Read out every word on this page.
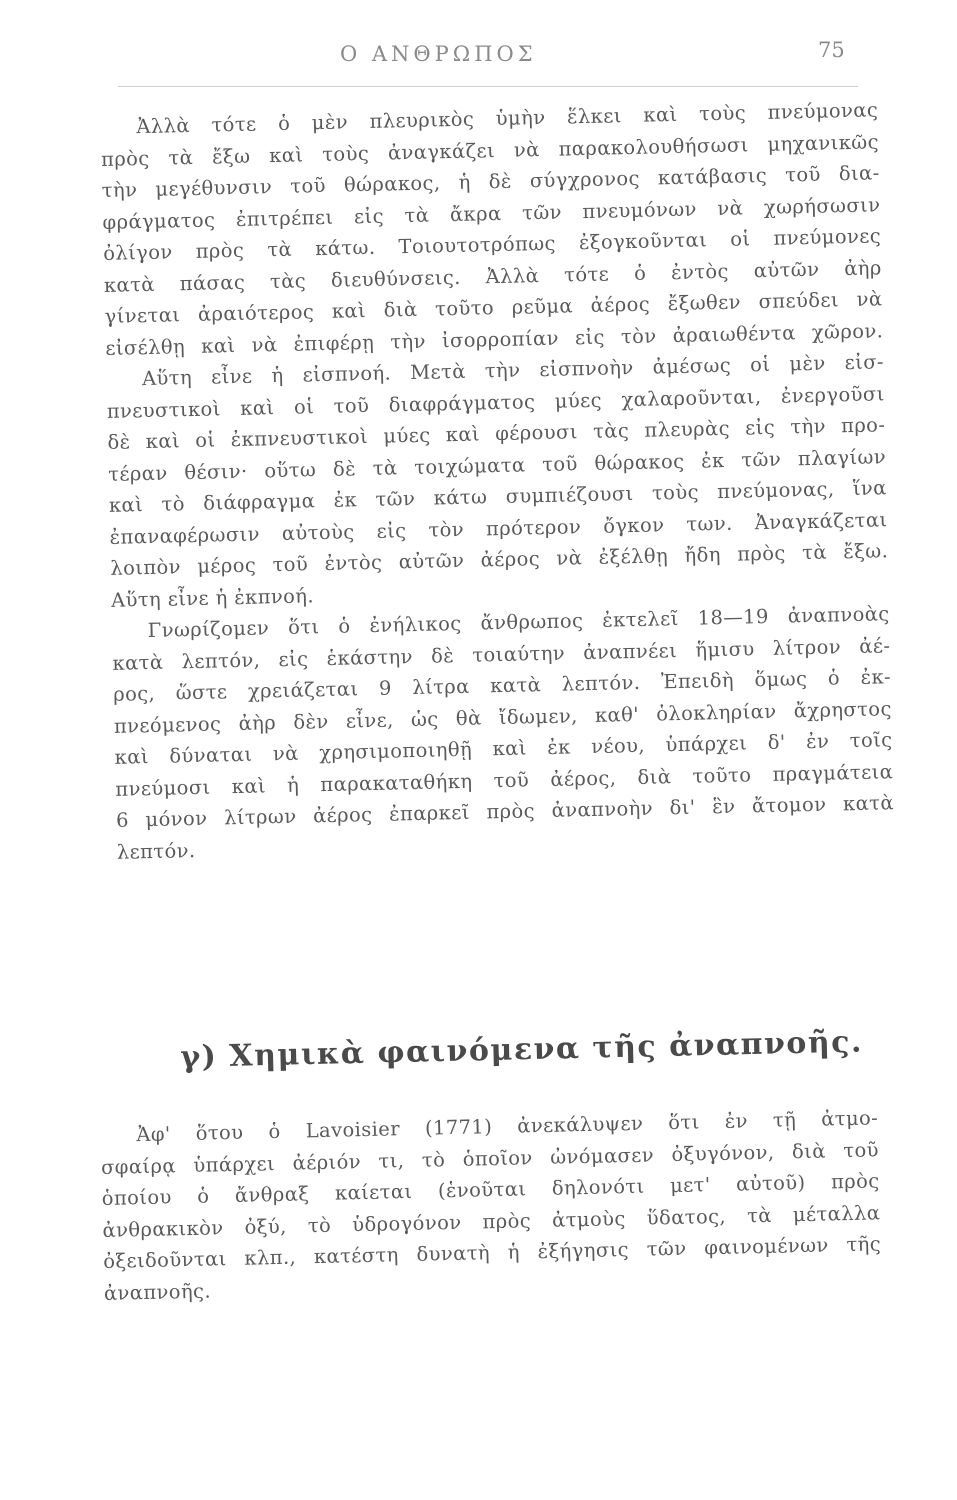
Ο ΑΝΘΡΩΠΟΣ	75
Ἀλλὰ τότε ὁ μὲν πλευρικὸς ὑμὴν ἕλκει καὶ τοὺς πνεύμονας
πρὸς τὰ ἔξω καὶ τοὺς ἀναγκάζει νὰ παρακολουθήσωσι μηχανικῶς
τὴν μεγέθυνσιν τοῦ θώρακος, ἡ δὲ σύγχρονος κατάβασις τοῦ δια-
φράγματος ἐπιτρέπει εἰς τὰ ἄκρα τῶν πνευμόνων νὰ χωρήσωσιν
ὀλίγον πρὸς τὰ κάτω. Τοιουτοτρόπως ἐξογκοῦνται οἱ πνεύμονες
κατὰ πάσας τὰς διευθύνσεις. Ἀλλὰ τότε ὁ ἐντὸς αὐτῶν ἀὴρ
γίνεται ἀραιότερος καὶ διὰ τοῦτο ρεῦμα ἀέρος ἔξωθεν σπεύδει νὰ
εἰσέλθῃ καὶ νὰ ἐπιφέρῃ τὴν ἰσορροπίαν εἰς τὸν ἀραιωθέντα χῶρον.
Αὕτη εἶνε ἡ εἰσπνοή. Μετὰ τὴν εἰσπνοὴν ἀμέσως οἱ μὲν εἰσ-
πνευστικοὶ καὶ οἱ τοῦ διαφράγματος μύες χαλαροῦνται, ἐνεργοῦσι
δὲ καὶ οἱ ἐκπνευστικοὶ μύες καὶ φέρουσι τὰς πλευρὰς εἰς τὴν προ-
τέραν θέσιν· οὕτω δὲ τὰ τοιχώματα τοῦ θώρακος ἐκ τῶν πλαγίων
καὶ τὸ διάφραγμα ἐκ τῶν κάτω συμπιέζουσι τοὺς πνεύμονας, ἵνα
ἐπαναφέρωσιν αὐτοὺς εἰς τὸν πρότερον ὄγκον των. Ἀναγκάζεται
λοιπὸν μέρος τοῦ ἐντὸς αὐτῶν ἀέρος νὰ ἐξέλθῃ ἤδη πρὸς τὰ ἔξω.
Αὕτη εἶνε ἡ ἐκπνοή.
Γνωρίζομεν ὅτι ὁ ἐνήλικος ἄνθρωπος ἐκτελεῖ 18—19 ἀναπνοὰς
κατὰ λεπτόν, εἰς ἑκάστην δὲ τοιαύτην ἀναπνέει ἥμισυ λίτρον ἀέ-
ρος, ὥστε χρειάζεται 9 λίτρα κατὰ λεπτόν. Ἐπειδὴ ὅμως ὁ ἐκ-
πνεόμενος ἀὴρ δὲν εἶνε, ὡς θὰ ἴδωμεν, καθ' ὁλοκληρίαν ἄχρηστος
καὶ δύναται νὰ χρησιμοποιηθῇ καὶ ἐκ νέου, ὑπάρχει δ' ἐν τοῖς
πνεύμοσι καὶ ἡ παρακαταθήκη τοῦ ἀέρος, διὰ τοῦτο πραγμάτεια
6 μόνον λίτρων ἀέρος ἐπαρκεῖ πρὸς ἀναπνοὴν δι' ἓν ἄτομον κατὰ
λεπτόν.
γ) Χημικὰ φαινόμενα τῆς ἀναπνοῆς.
Ἀφ' ὅτου ὁ Lavoisier (1771) ἀνεκάλυψεν ὅτι ἐν τῇ ἀτμο-
σφαίρᾳ ὑπάρχει ἀέριόν τι, τὸ ὁποῖον ὠνόμασεν ὀξυγόνον, διὰ τοῦ
ὁποίου ὁ ἄνθραξ καίεται (ἑνοῦται δηλονότι μετ' αὐτοῦ) πρὸς
ἀνθρακικὸν ὀξύ, τὸ ὑδρογόνον πρὸς ἀτμοὺς ὕδατος, τὰ μέταλλα
ὀξειδοῦνται κλπ., κατέστη δυνατὴ ἡ ἐξήγησις τῶν φαινομένων τῆς
ἀναπνοῆς.
